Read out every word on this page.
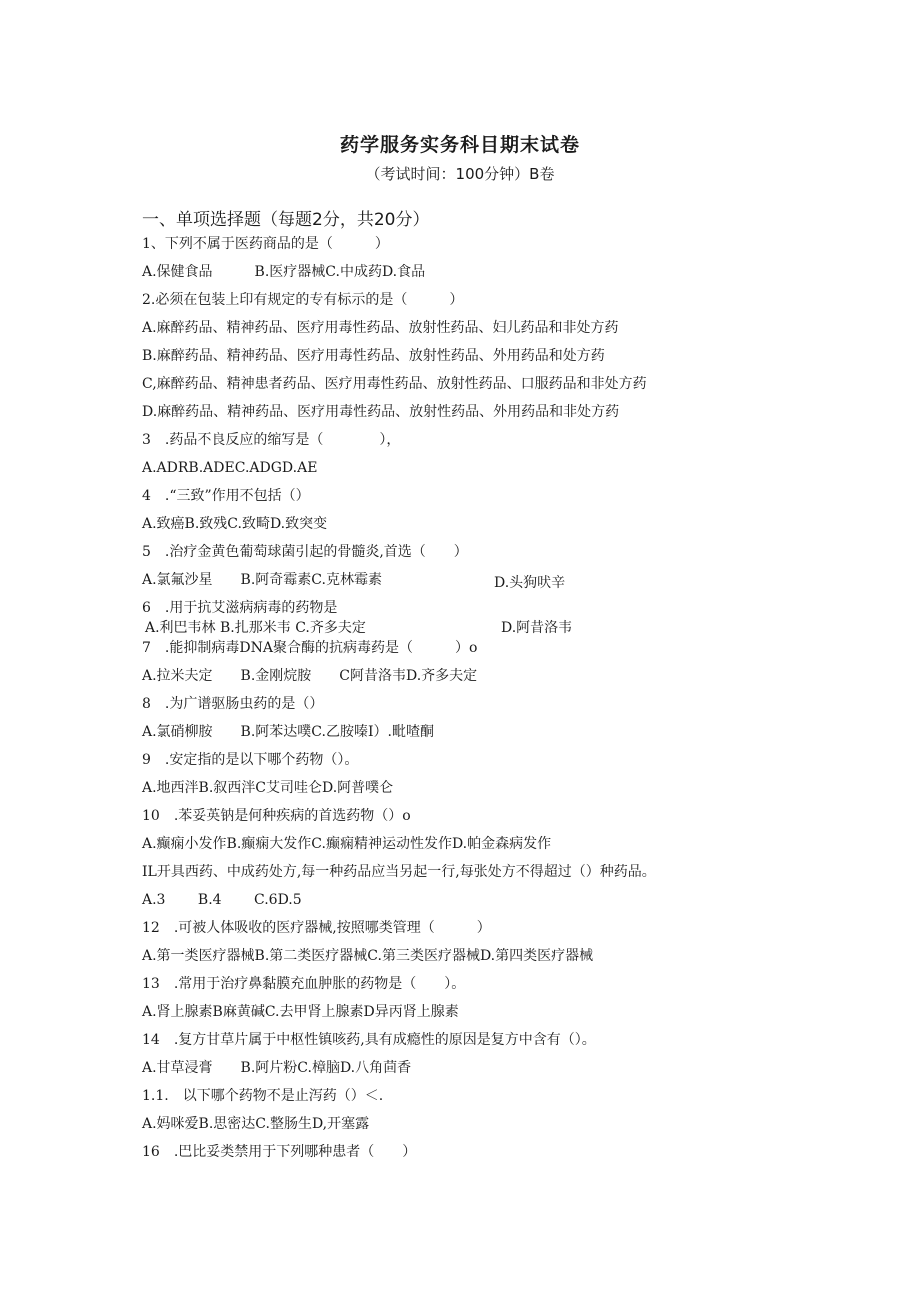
药学服务实务科目期末试卷
（考试时间：100分钟）B卷
一、单项选择题（每题2分，共20分）
1、下列不属于医药商品的是（　　　）
A.保健食品　　　B.医疗器械C.中成药D.食品
2.必须在包装上印有规定的专有标示的是（　　　）
A.麻醉药品、精神药品、医疗用毒性药品、放射性药品、妇儿药品和非处方药
B.麻醉药品、精神药品、医疗用毒性药品、放射性药品、外用药品和处方药
C,麻醉药品、精神患者药品、医疗用毒性药品、放射性药品、口服药品和非处方药
D.麻醉药品、精神药品、医疗用毒性药品、放射性药品、外用药品和非处方药
3　.药品不良反应的缩写是（　　　　），
A.ADRB.ADEC.ADGD.AE
4　.“三致”作用不包括（）
A.致癌B.致残C.致畸D.致突变
5　.治疗金黄色葡萄球菌引起的骨髓炎,首选（　　）
A.氯氟沙星　　B.阿奇霉素C.克林霉素	D.头狗吠辛
6　.用于抗艾滋病病毒的药物是
A.利巴韦林 B.扎那米韦 C.齐多夫定	D.阿昔洛韦
7　.能抑制病毒DNA聚合酶的抗病毒药是（　　　）o
A.拉米夫定　　B.金刚烷胺　　C阿昔洛韦D.齐多夫定
8　.为广谱驱肠虫药的是（）
A.氯硝柳胺　　B.阿苯达噗C.乙胺嗪I）.毗喳酮
9　.安定指的是以下哪个药物（）。
A.地西泮B.叙西泮C艾司哇仑D.阿普噗仑
10　.苯妥英钠是何种疾病的首选药物（）o
A.癫痫小发作B.癫痫大发作C.癫痫精神运动性发作D.帕金森病发作
IL开具西药、中成药处方,每一种药品应当另起一行,每张处方不得超过（）种药品。
A.3　　 B.4　　 C.6D.5
12　.可被人体吸收的医疗器械,按照哪类管理（　　　）
A.第一类医疗器械B.第二类医疗器械C.第三类医疗器械D.第四类医疗器械
13　.常用于治疗鼻黏膜充血肿胀的药物是（　　）。
A.肾上腺素B麻黄碱C.去甲肾上腺素D异丙肾上腺素
14　.复方甘草片属于中枢性镇咳药,具有成瘾性的原因是复方中含有（）。
A.甘草浸膏　　B.阿片粉C.樟脑D.八角茴香
1.1.　以下哪个药物不是止泻药（）＜.
A.妈咪爱B.思密达C.整肠生D,开塞露
16　.巴比妥类禁用于下列哪种患者（　　）
